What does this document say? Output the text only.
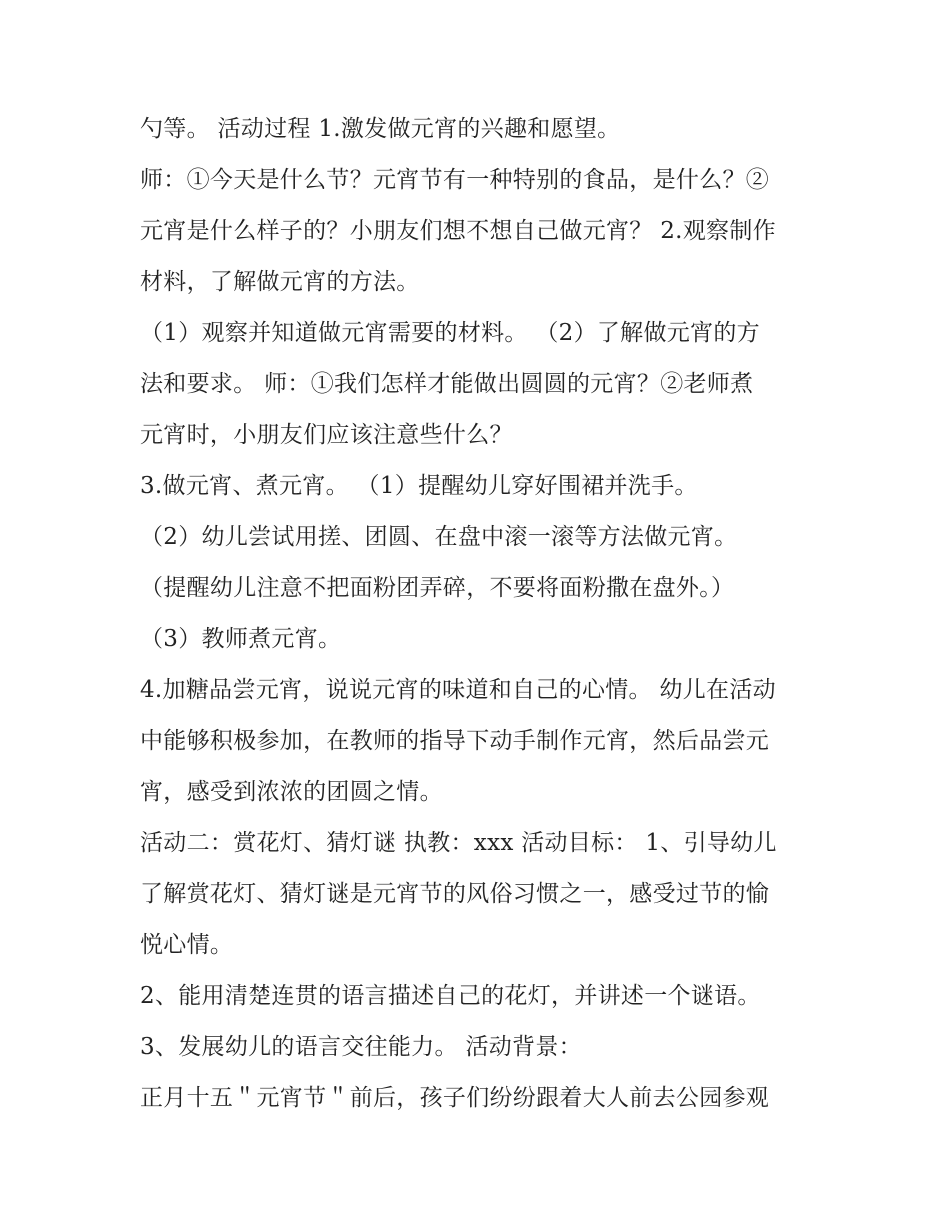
勺等。 活动过程 1.激发做元宵的兴趣和愿望。
师：①今天是什么节？元宵节有一种特别的食品，是什么？②
元宵是什么样子的？小朋友们想不想自己做元宵？ 2.观察制作
材料，了解做元宵的方法。
（1）观察并知道做元宵需要的材料。 （2）了解做元宵的方
法和要求。 师：①我们怎样才能做出圆圆的元宵？②老师煮
元宵时，小朋友们应该注意些什么？
3.做元宵、煮元宵。 （1）提醒幼儿穿好围裙并洗手。
（2）幼儿尝试用搓、团圆、在盘中滚一滚等方法做元宵。
（提醒幼儿注意不把面粉团弄碎，不要将面粉撒在盘外。）
（3）教师煮元宵。
4.加糖品尝元宵，说说元宵的味道和自己的心情。 幼儿在活动
中能够积极参加，在教师的指导下动手制作元宵，然后品尝元
宵，感受到浓浓的团圆之情。
活动二：赏花灯、猜灯谜 执教：xxx 活动目标： 1、引导幼儿
了解赏花灯、猜灯谜是元宵节的风俗习惯之一，感受过节的愉
悦心情。
2、能用清楚连贯的语言描述自己的花灯，并讲述一个谜语。
3、发展幼儿的语言交往能力。 活动背景：
正月十五＂元宵节＂前后，孩子们纷纷跟着大人前去公园参观
